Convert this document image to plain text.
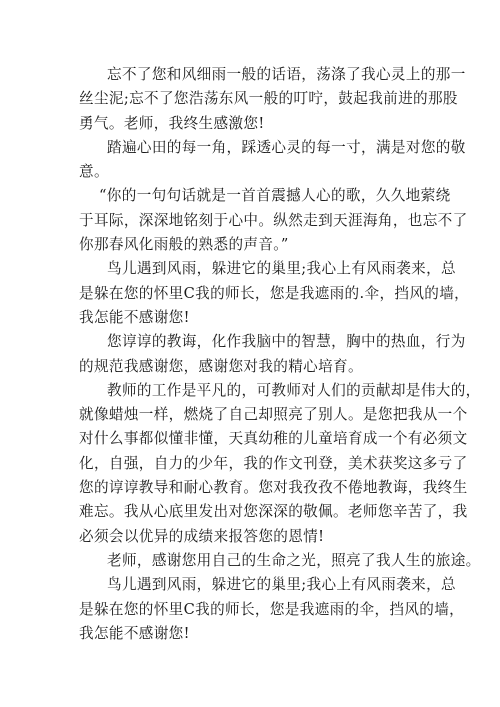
忘不了您和风细雨一般的话语，荡涤了我心灵上的那一
丝尘泥;忘不了您浩荡东风一般的叮咛，鼓起我前进的那股
勇气。老师，我终生感激您!

踏遍心田的每一角，踩透心灵的每一寸，满是对您的敬
意。

“你的一句句话就是一首首震撼人心的歌，久久地萦绕
于耳际，深深地铭刻于心中。纵然走到天涯海角，也忘不了
你那春风化雨般的熟悉的声音。”

鸟儿遇到风雨，躲进它的巢里;我心上有风雨袭来，总
是躲在您的怀里C我的师长，您是我遮雨的.伞，挡风的墙，
我怎能不感谢您!

您谆谆的教诲，化作我脑中的智慧，胸中的热血，行为
的规范我感谢您，感谢您对我的精心培育。

教师的工作是平凡的，可教师对人们的贡献却是伟大的，
就像蜡烛一样，燃烧了自己却照亮了别人。是您把我从一个
对什么事都似懂非懂，天真幼稚的儿童培育成一个有必须文
化，自强，自力的少年，我的作文刊登，美术获奖这多亏了
您的谆谆教导和耐心教育。您对我孜孜不倦地教诲，我终生
难忘。我从心底里发出对您深深的敬佩。老师您辛苦了，我
必须会以优异的成绩来报答您的恩情!

老师，感谢您用自己的生命之光，照亮了我人生的旅途。

鸟儿遇到风雨，躲进它的巢里;我心上有风雨袭来，总
是躲在您的怀里C我的师长，您是我遮雨的伞，挡风的墙，
我怎能不感谢您!
